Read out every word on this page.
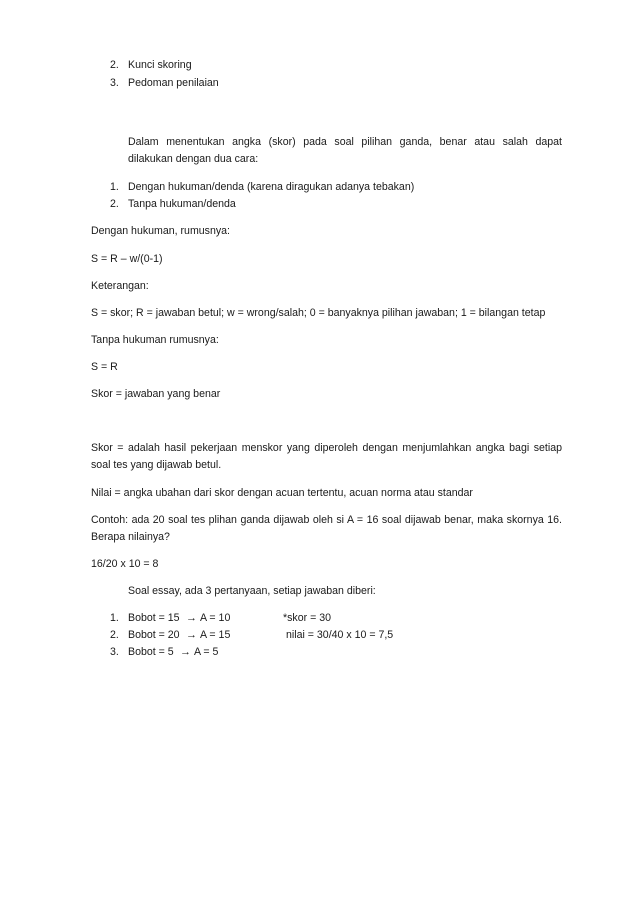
2. Kunci skoring
3. Pedoman penilaian
Dalam menentukan angka (skor) pada soal pilihan ganda, benar atau salah dapat
dilakukan dengan dua cara:
1. Dengan hukuman/denda (karena diragukan adanya tebakan)
2. Tanpa hukuman/denda
Dengan hukuman, rumusnya:
S = R – w/(0-1)
Keterangan:
S = skor; R = jawaban betul; w = wrong/salah; 0 = banyaknya pilihan jawaban; 1 = bilangan tetap
Tanpa hukuman rumusnya:
S = R
Skor = jawaban yang benar
Skor = adalah hasil pekerjaan menskor yang diperoleh dengan menjumlahkan angka bagi setiap
soal tes yang dijawab betul.
Nilai = angka ubahan dari skor dengan acuan tertentu, acuan norma atau standar
Contoh: ada 20 soal tes plihan ganda dijawab oleh si A = 16 soal dijawab benar, maka skornya 16.
Berapa nilainya?
16/20 x 10 = 8
Soal essay, ada 3 pertanyaan, setiap jawaban diberi:
1. Bobot = 15 → A = 10	*skor = 30
2. Bobot = 20 → A = 15	nilai = 30/40 x 10 = 7,5
3. Bobot = 5 → A = 5
